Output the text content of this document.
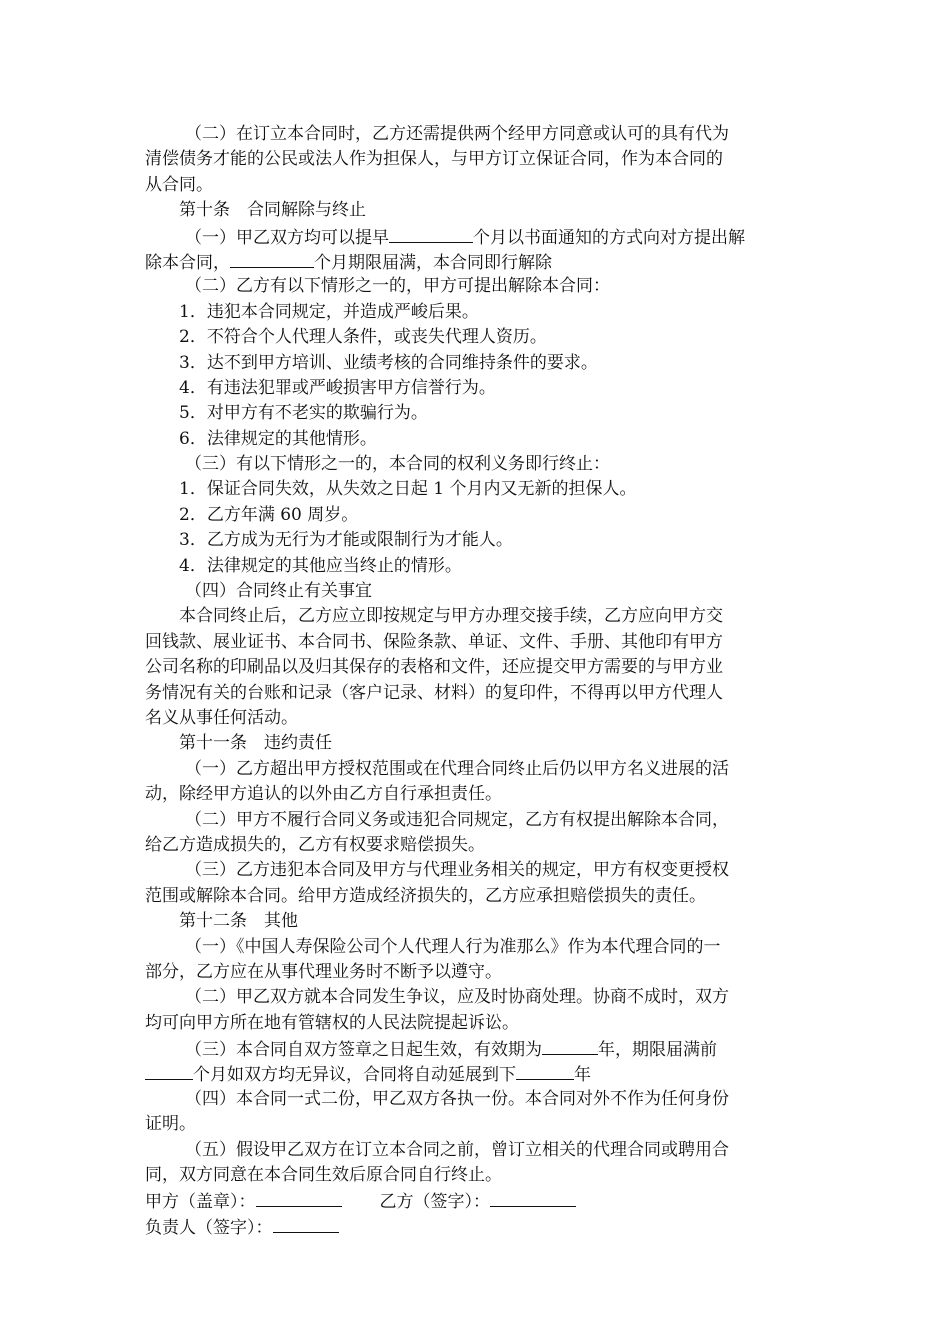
（二）在订立本合同时，乙方还需提供两个经甲方同意或认可的具有代为
清偿债务才能的公民或法人作为担保人，与甲方订立保证合同，作为本合同的
从合同。
第十条　合同解除与终止
（一）甲乙双方均可以提早	个月以书面通知的方式向对方提出解
除本合同，	个月期限届满，本合同即行解除
（二）乙方有以下情形之一的，甲方可提出解除本合同：
1．违犯本合同规定，并造成严峻后果。
2．不符合个人代理人条件，或丧失代理人资历。
3．达不到甲方培训、业绩考核的合同维持条件的要求。
4．有违法犯罪或严峻损害甲方信誉行为。
5．对甲方有不老实的欺骗行为。
6．法律规定的其他情形。
（三）有以下情形之一的，本合同的权利义务即行终止：
1．保证合同失效，从失效之日起 1 个月内又无新的担保人。
2．乙方年满 60 周岁。
3．乙方成为无行为才能或限制行为才能人。
4．法律规定的其他应当终止的情形。
（四）合同终止有关事宜
本合同终止后，乙方应立即按规定与甲方办理交接手续，乙方应向甲方交
回钱款、展业证书、本合同书、保险条款、单证、文件、手册、其他印有甲方
公司名称的印刷品以及归其保存的表格和文件，还应提交甲方需要的与甲方业
务情况有关的台账和记录（客户记录、材料）的复印件，不得再以甲方代理人
名义从事任何活动。
第十一条　违约责任
（一）乙方超出甲方授权范围或在代理合同终止后仍以甲方名义进展的活
动，除经甲方追认的以外由乙方自行承担责任。
（二）甲方不履行合同义务或违犯合同规定，乙方有权提出解除本合同，
给乙方造成损失的，乙方有权要求赔偿损失。
（三）乙方违犯本合同及甲方与代理业务相关的规定，甲方有权变更授权
范围或解除本合同。给甲方造成经济损失的，乙方应承担赔偿损失的责任。
第十二条　其他
（一）《中国人寿保险公司个人代理人行为准那么》作为本代理合同的一
部分，乙方应在从事代理业务时不断予以遵守。
（二）甲乙双方就本合同发生争议，应及时协商处理。协商不成时，双方
均可向甲方所在地有管辖权的人民法院提起诉讼。
（三）本合同自双方签章之日起生效，有效期为	年，期限届满前
个月如双方均无异议，合同将自动延展到下	年
（四）本合同一式二份，甲乙双方各执一份。本合同对外不作为任何身份
证明。
（五）假设甲乙双方在订立本合同之前，曾订立相关的代理合同或聘用合
同，双方同意在本合同生效后原合同自行终止。
甲方（盖章）：	乙方（签字）：
负责人（签字）：
